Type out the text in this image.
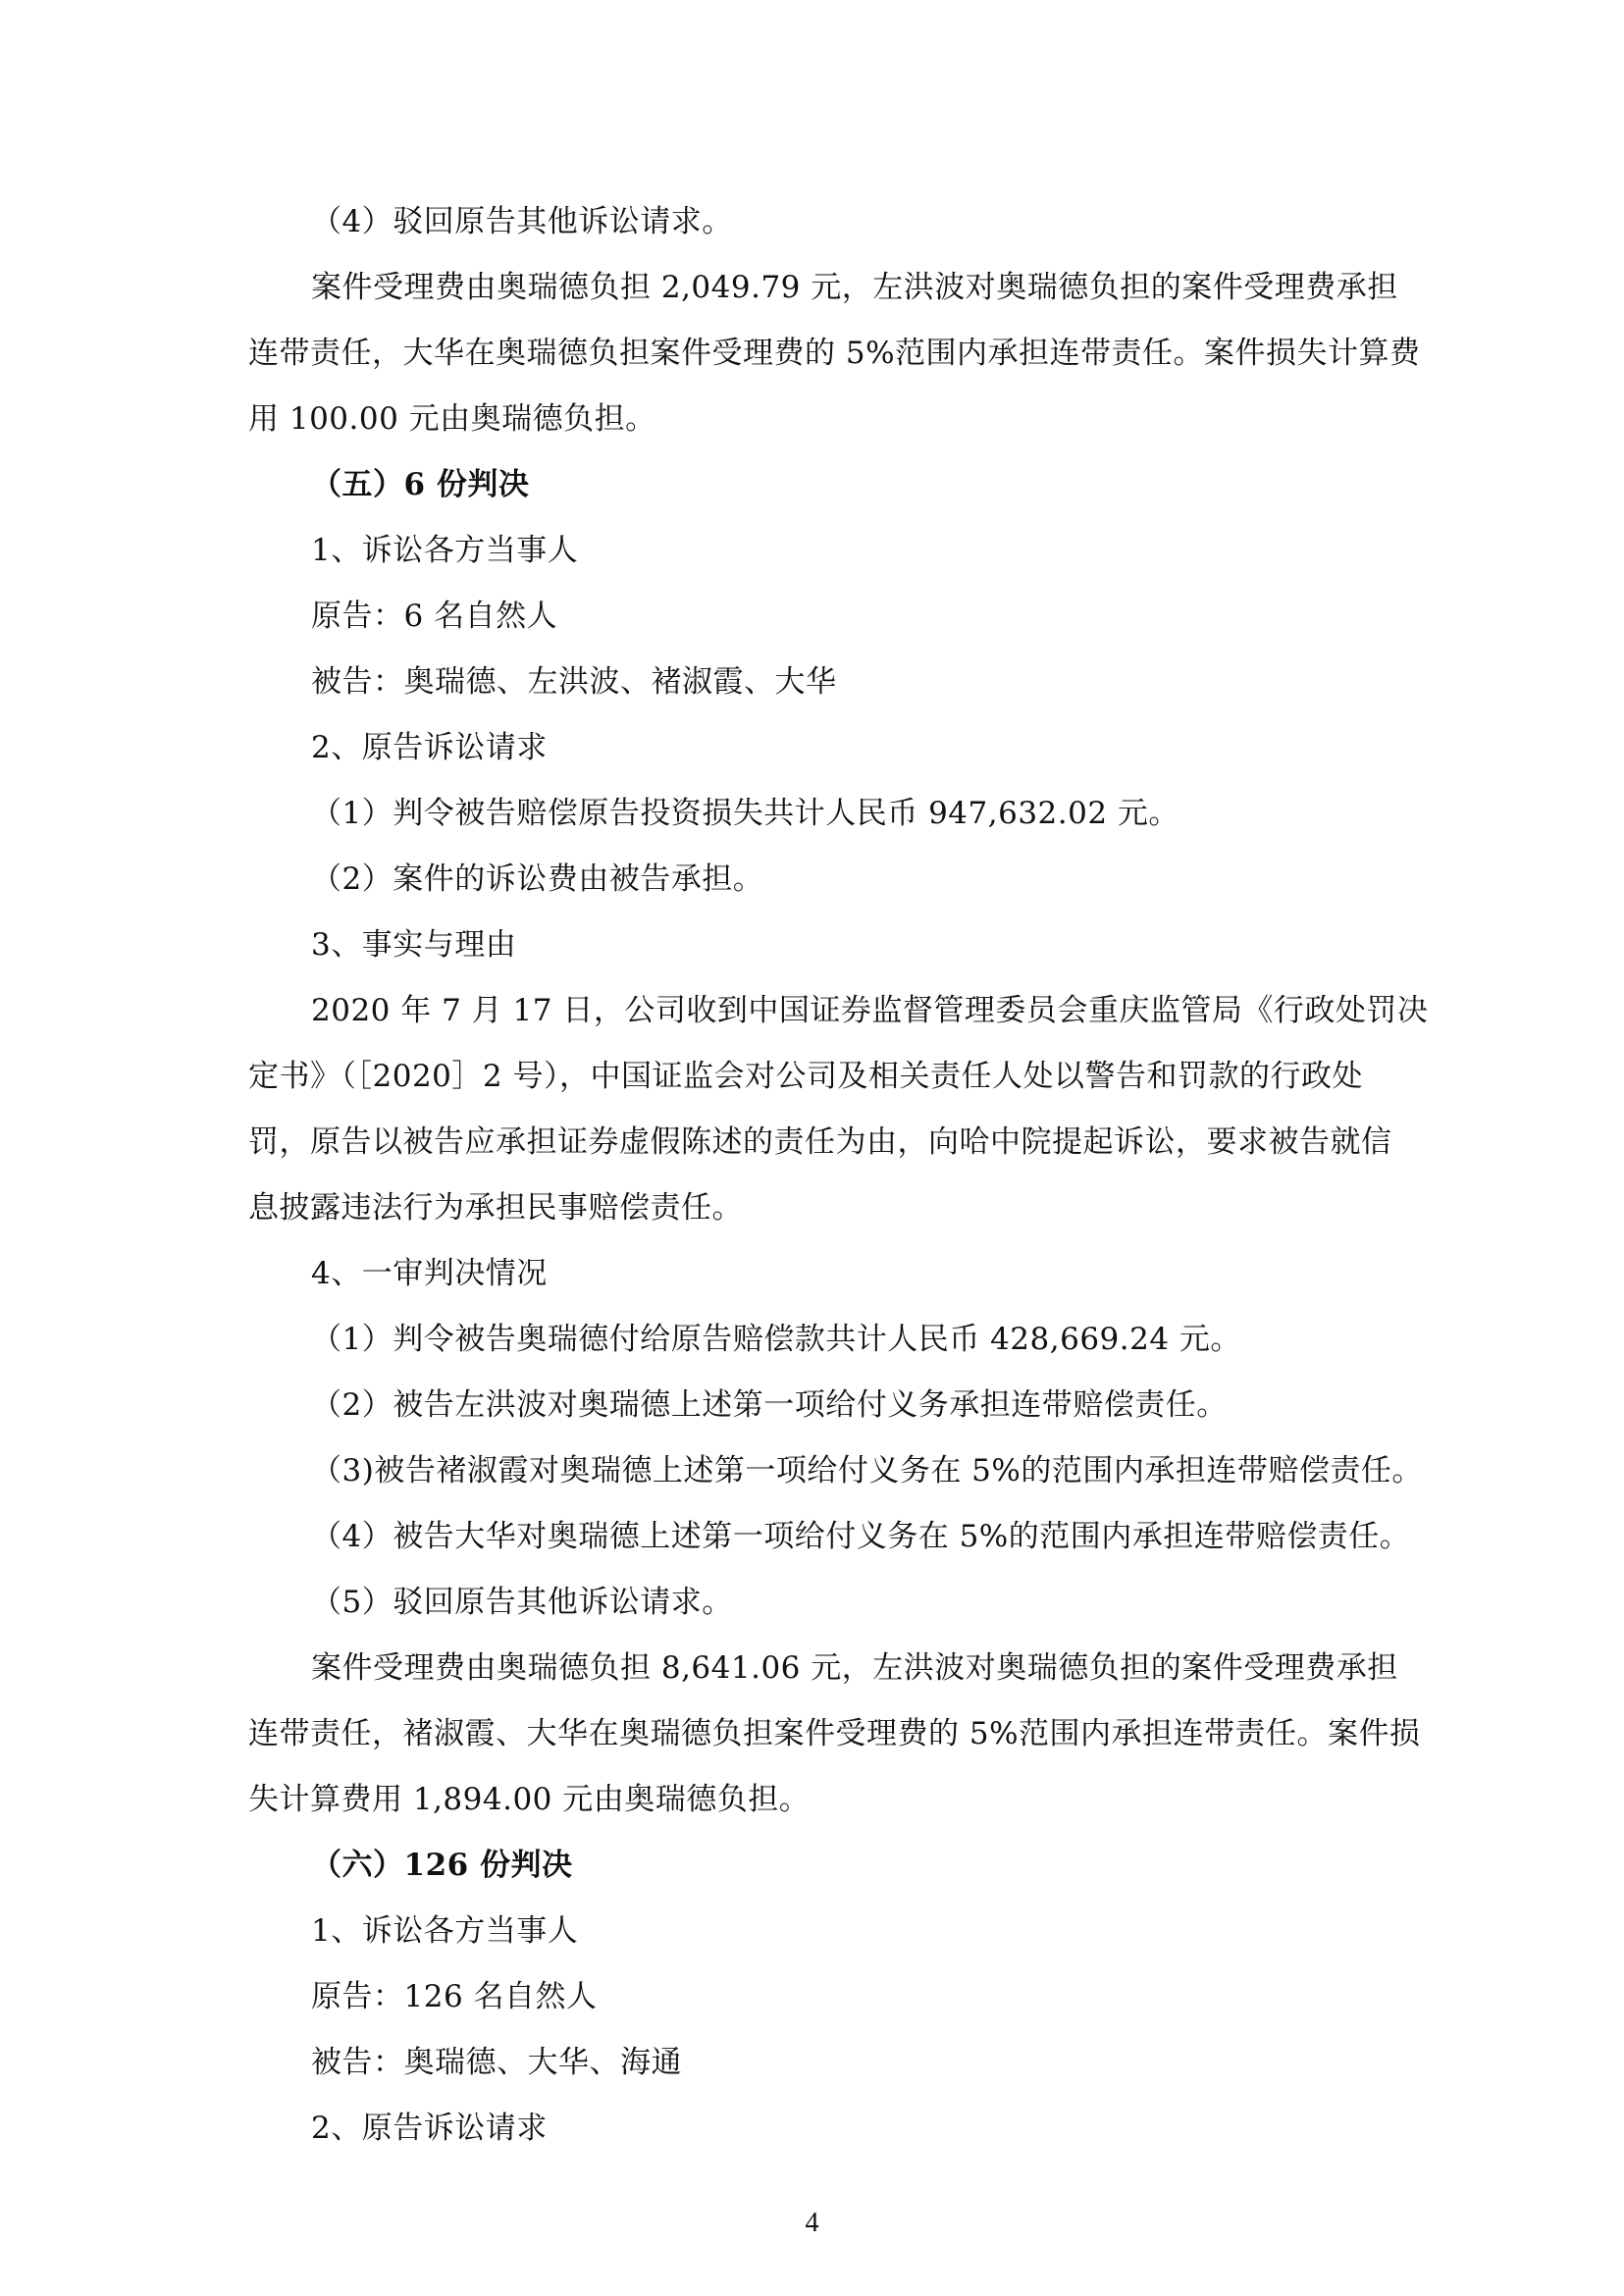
（4）驳回原告其他诉讼请求。
案件受理费由奥瑞德负担 2,049.79 元，左洪波对奥瑞德负担的案件受理费承担
连带责任，大华在奥瑞德负担案件受理费的 5%范围内承担连带责任。案件损失计算费
用 100.00 元由奥瑞德负担。
（五）6 份判决
1、诉讼各方当事人
原告：6 名自然人
被告：奥瑞德、左洪波、褚淑霞、大华
2、原告诉讼请求
（1）判令被告赔偿原告投资损失共计人民币 947,632.02 元。
（2）案件的诉讼费由被告承担。
3、事实与理由
2020 年 7 月 17 日，公司收到中国证券监督管理委员会重庆监管局《行政处罚决
定书》（［2020］2 号），中国证监会对公司及相关责任人处以警告和罚款的行政处
罚，原告以被告应承担证券虚假陈述的责任为由，向哈中院提起诉讼，要求被告就信
息披露违法行为承担民事赔偿责任。
4、一审判决情况
（1）判令被告奥瑞德付给原告赔偿款共计人民币 428,669.24 元。
（2）被告左洪波对奥瑞德上述第一项给付义务承担连带赔偿责任。
（3)被告褚淑霞对奥瑞德上述第一项给付义务在 5%的范围内承担连带赔偿责任。
（4）被告大华对奥瑞德上述第一项给付义务在 5%的范围内承担连带赔偿责任。
（5）驳回原告其他诉讼请求。
案件受理费由奥瑞德负担 8,641.06 元，左洪波对奥瑞德负担的案件受理费承担
连带责任，褚淑霞、大华在奥瑞德负担案件受理费的 5%范围内承担连带责任。案件损
失计算费用 1,894.00 元由奥瑞德负担。
（六）126 份判决
1、诉讼各方当事人
原告：126 名自然人
被告：奥瑞德、大华、海通
2、原告诉讼请求
4
